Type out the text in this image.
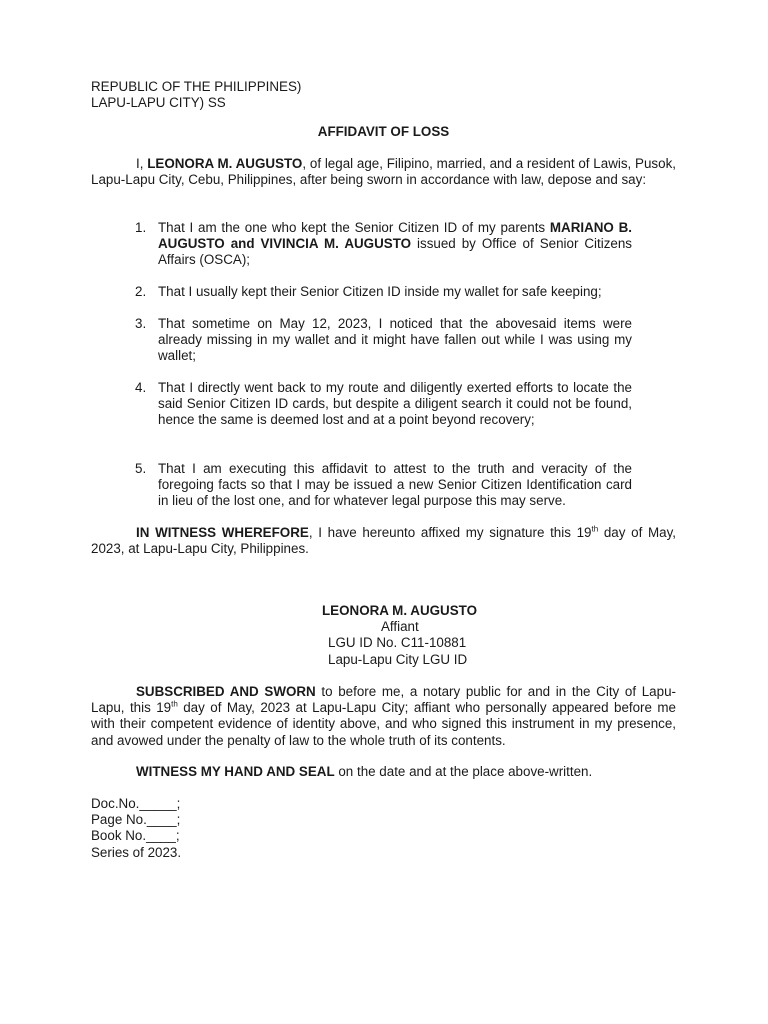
REPUBLIC OF THE PHILIPPINES)
LAPU-LAPU CITY) SS
AFFIDAVIT OF LOSS
I, LEONORA M. AUGUSTO, of legal age, Filipino, married, and a resident of Lawis, Pusok, Lapu-Lapu City, Cebu, Philippines, after being sworn in accordance with law, depose and say:
1. That I am the one who kept the Senior Citizen ID of my parents MARIANO B. AUGUSTO and VIVINCIA M. AUGUSTO issued by Office of Senior Citizens Affairs (OSCA);
2. That I usually kept their Senior Citizen ID inside my wallet for safe keeping;
3. That sometime on May 12, 2023, I noticed that the abovesaid items were already missing in my wallet and it might have fallen out while I was using my wallet;
4. That I directly went back to my route and diligently exerted efforts to locate the said Senior Citizen ID cards, but despite a diligent search it could not be found, hence the same is deemed lost and at a point beyond recovery;
5. That I am executing this affidavit to attest to the truth and veracity of the foregoing facts so that I may be issued a new Senior Citizen Identification card in lieu of the lost one, and for whatever legal purpose this may serve.
IN WITNESS WHEREFORE, I have hereunto affixed my signature this 19th day of May, 2023, at Lapu-Lapu City, Philippines.
LEONORA M. AUGUSTO
Affiant
LGU ID No. C11-10881
Lapu-Lapu City LGU ID
SUBSCRIBED AND SWORN to before me, a notary public for and in the City of Lapu-Lapu, this 19th day of May, 2023 at Lapu-Lapu City; affiant who personally appeared before me with their competent evidence of identity above, and who signed this instrument in my presence, and avowed under the penalty of law to the whole truth of its contents.
WITNESS MY HAND AND SEAL on the date and at the place above-written.
Doc.No._____;
Page No.____;
Book No.____;
Series of 2023.
